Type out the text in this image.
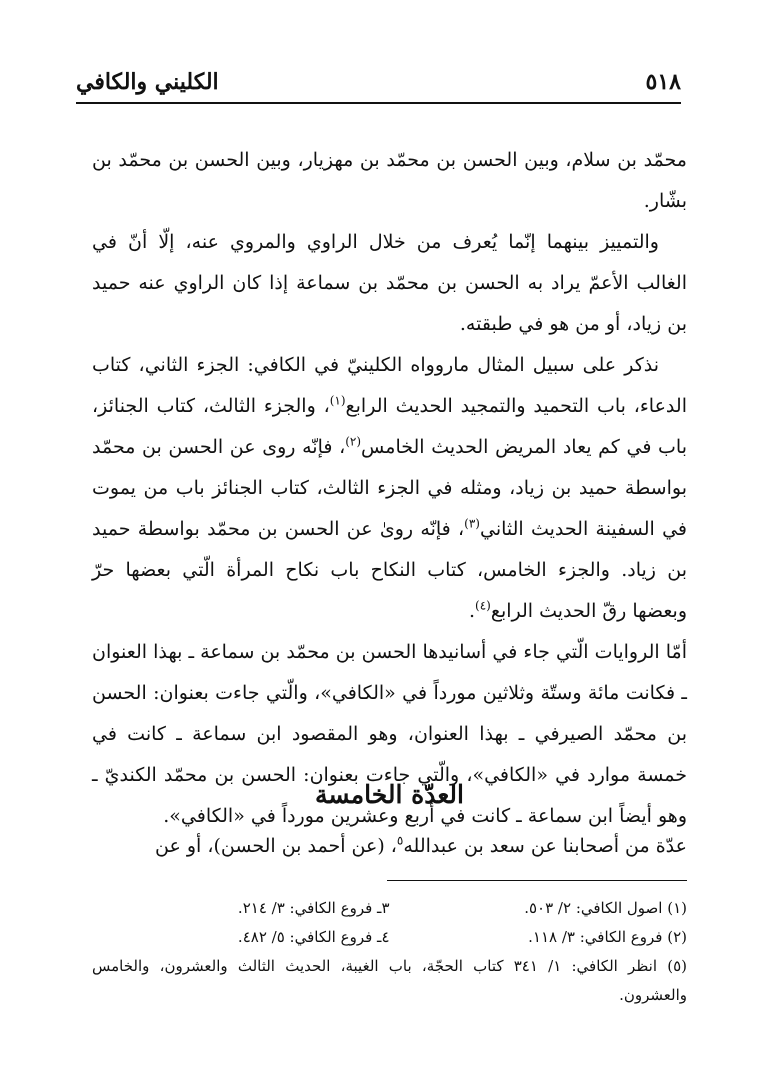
٥١٨
الكليني والكافي

محمّد بن سلام، وبين الحسن بن محمّد بن مهزيار، وبين الحسن بن محمّد بن بشّار.

والتمييز بينهما إنّما يُعرف من خلال الراوي والمروي عنه، إلّا أنّ في الغالب الأعمّ يراد به الحسن بن محمّد بن سماعة إذا كان الراوي عنه حميد بن زياد، أو من هو في طبقته.

نذكر على سبيل المثال ماروواه الكلينيّ في الكافي: الجزء الثاني، كتاب الدعاء، باب التحميد والتمجيد الحديث الرابع$^{(١)}$، والجزء الثالث، كتاب الجنائز، باب في كم يعاد المريض الحديث الخامس$^{(٢)}$، فإنّه روى عن الحسن بن محمّد بواسطة حميد بن زياد، ومثله في الجزء الثالث، كتاب الجنائز باب من يموت في السفينة الحديث الثاني$^{(٣)}$، فإنّه رویٰ عن الحسن بن محمّد بواسطة حميد بن زياد. والجزء الخامس، كتاب النكاح باب نكاح المرأة الّتي بعضها حرّ وبعضها رقّ الحديث الرابع$^{(٤)}$.

أمّا الروايات الّتي جاء في أسانيدها الحسن بن محمّد بن سماعة ـ بهذا العنوان ـ فكانت مائة وستّة وثلاثين مورداً في «الكافي»، والّتي جاءت بعنوان: الحسن بن محمّد الصيرفي ـ بهذا العنوان، وهو المقصود ابن سماعة ـ كانت في خمسة موارد في «الكافي»، والّتي جاءت بعنوان: الحسن بن محمّد الكنديّ ـ وهو أيضاً ابن سماعة ـ كانت في أربع وعشرين مورداً في «الكافي».

العدّة الخامسة

عدّة من أصحابنا عن سعد بن عبدالله$^٥$، (عن أحمد بن الحسن)، أو عن

(١) اصول الكافي: ٢/ ٥٠٣.
٣ـ فروع الكافي: ٣/ ٢١٤.
(٢) فروع الكافي: ٣/ ١١٨.
٤ـ فروع الكافي: ٥/ ٤٨٢.

(٥) انظر الكافي: ١/ ٣٤١ كتاب الحجّة، باب الغيبة، الحديث الثالث والعشرون، والخامس والعشرون.
